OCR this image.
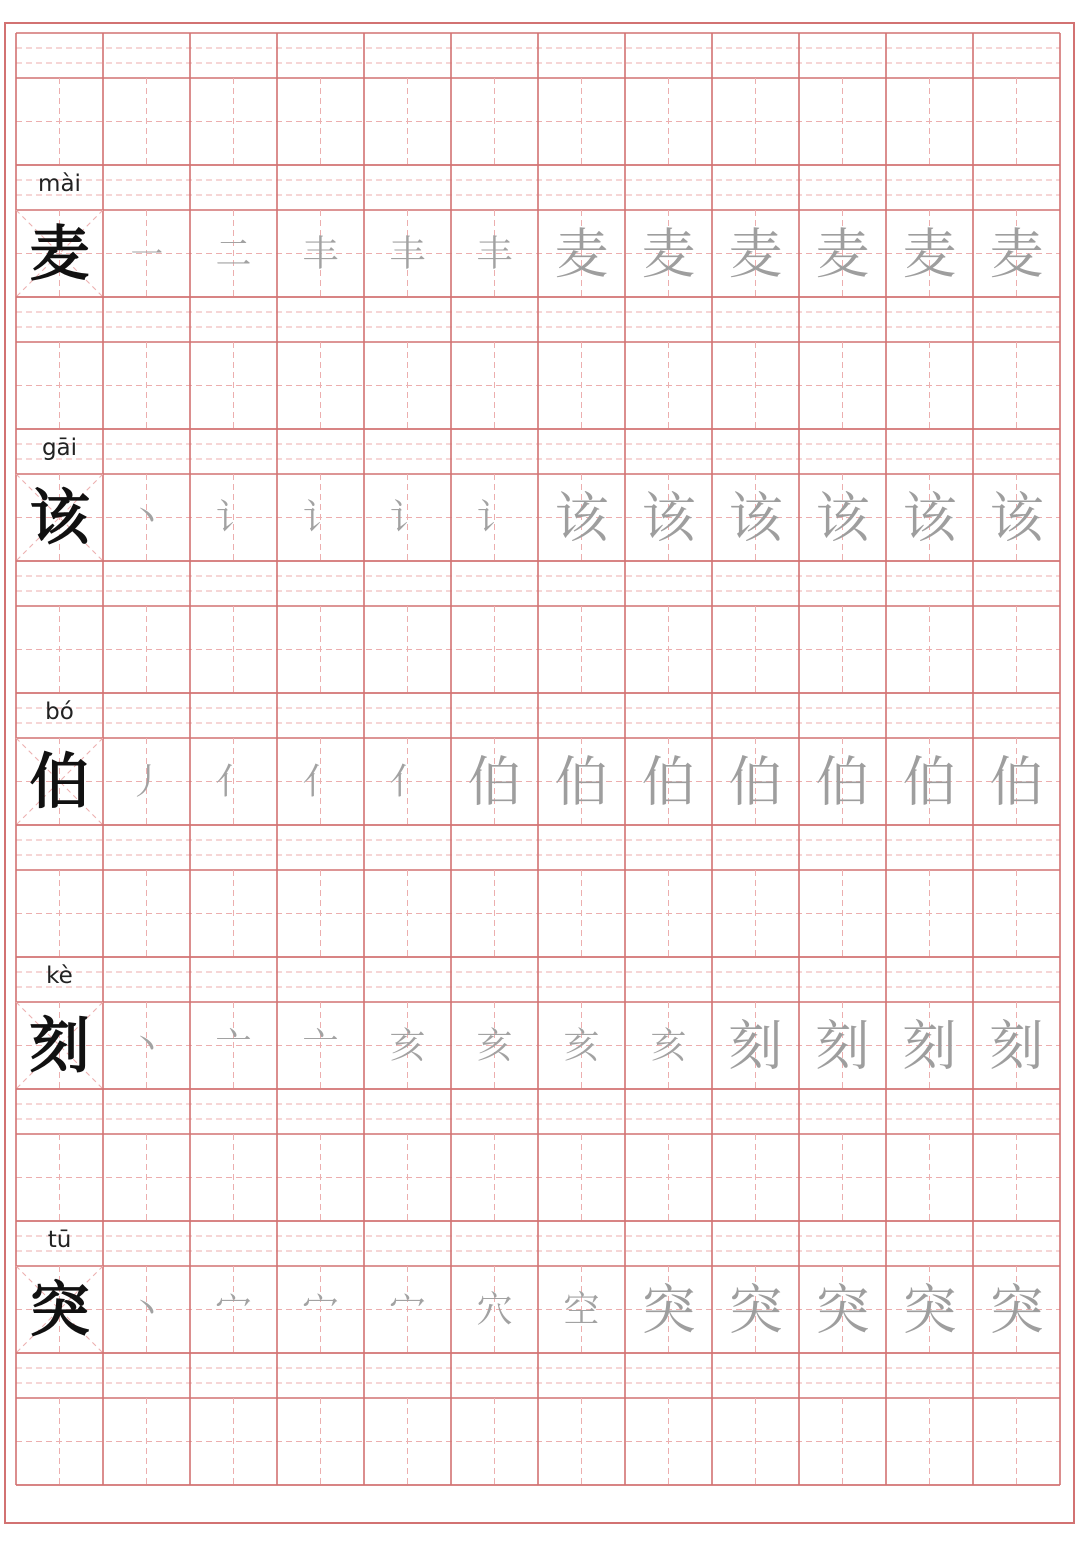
mài
麦 ㇐ 二 丰 丰 丰 麦 麦 麦 麦 麦 麦
gāi
该 丶 讠 讠 讠 讠 该 该 该 该 该 该
bó
伯 丿 亻 亻 亻 伯 伯 伯 伯 伯 伯 伯
kè
刻 丶 亠 亠 亥 亥 亥 亥 刻 刻 刻 刻
tū
突 丶 宀 宀 宀 穴 空 突 突 突 突 突
